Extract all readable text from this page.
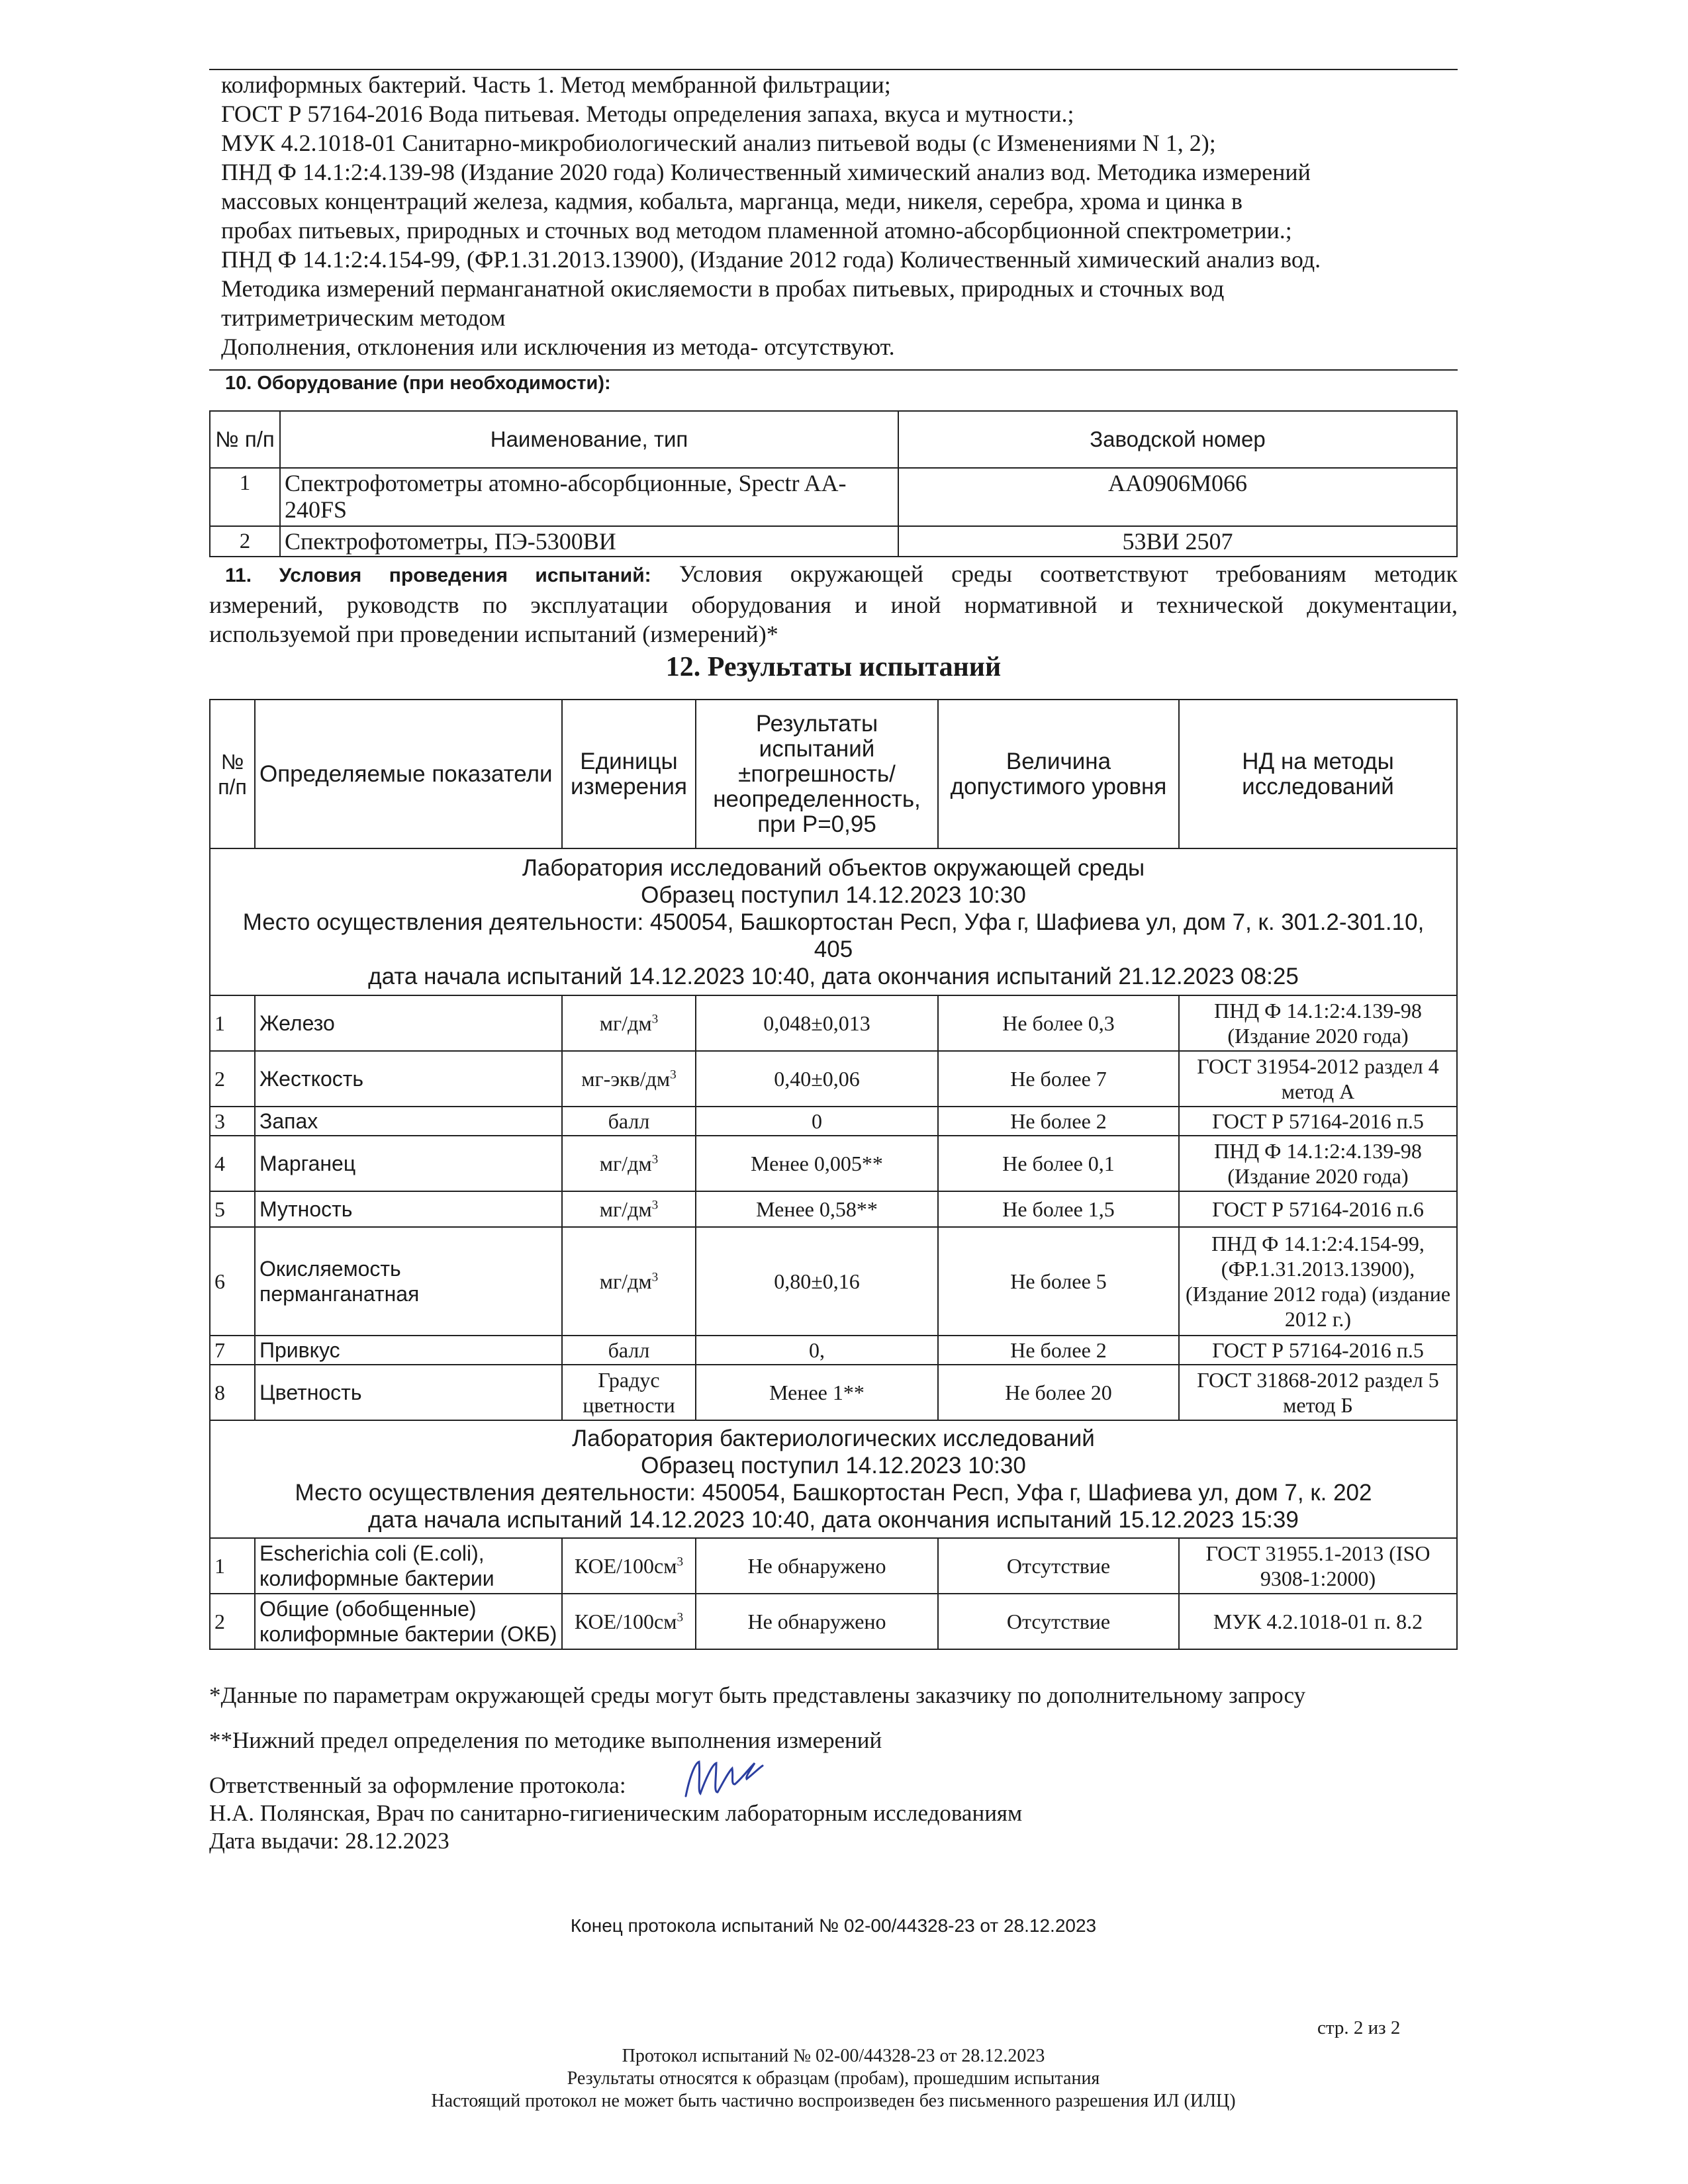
колиформных бактерий. Часть 1. Метод мембранной фильтрации;
ГОСТ Р 57164-2016 Вода питьевая. Методы определения запаха, вкуса и мутности.;
МУК 4.2.1018-01 Санитарно-микробиологический анализ питьевой воды (с Изменениями N 1, 2);
ПНД Ф 14.1:2:4.139-98 (Издание 2020 года) Количественный химический анализ вод. Методика измерений
массовых концентраций железа, кадмия, кобальта, марганца, меди, никеля, серебра, хрома и цинка в
пробах питьевых, природных и сточных вод методом пламенной атомно-абсорбционной спектрометрии.;
ПНД Ф 14.1:2:4.154-99, (ФР.1.31.2013.13900), (Издание 2012 года) Количественный химический анализ вод.
Методика измерений перманганатной окисляемости в пробах питьевых, природных и сточных вод
титриметрическим методом
Дополнения, отклонения или исключения из метода- отсутствуют.
10. Оборудование (при необходимости):
№ п/п	Наименование, тип	Заводской номер
1	Спектрофотометры атомно-абсорбционные, Spectr AA-240FS	АА0906М066
2	Спектрофотометры, ПЭ-5300ВИ	53ВИ 2507
11. Условия проведения испытаний: Условия окружающей среды соответствуют требованиям методик
измерений, руководств по эксплуатации оборудования и иной нормативной и технической документации,
используемой при проведении испытаний (измерений)*
12. Результаты испытаний
№ п/п	Определяемые показатели	Единицы измерения	Результаты испытаний ±погрешность/ неопределенность, при P=0,95	Величина допустимого уровня	НД на методы исследований

Лаборатория исследований объектов окружающей среды
Образец поступил 14.12.2023 10:30
Место осуществления деятельности: 450054, Башкортостан Респ, Уфа г, Шафиева ул, дом 7, к. 301.2-301.10,
405
дата начала испытаний 14.12.2023 10:40, дата окончания испытаний 21.12.2023 08:25					

1	Железо	$мг/дм^3$	0,048±0,013	Не более 0,3	ПНД Ф 14.1:2:4.139-98 (Издание 2020 года)
2	Жесткость	$мг-экв/дм^3$	0,40±0,06	Не более 7	ГОСТ 31954-2012 раздел 4 метод А
3	Запах	балл	0	Не более 2	ГОСТ Р 57164-2016 п.5
4	Марганец	$мг/дм^3$	Менее 0,005**	Не более 0,1	ПНД Ф 14.1:2:4.139-98 (Издание 2020 года)
5	Мутность	$мг/дм^3$	Менее 0,58**	Не более 1,5	ГОСТ Р 57164-2016 п.6
6	Окисляемость перманганатная	$мг/дм^3$	0,80±0,16	Не более 5	ПНД Ф 14.1:2:4.154-99, (ФР.1.31.2013.13900), (Издание 2012 года) (издание 2012 г.)
7	Привкус	балл	0,	Не более 2	ГОСТ Р 57164-2016 п.5
8	Цветность	Градус цветности	Менее 1**	Не более 20	ГОСТ 31868-2012 раздел 5 метод Б

Лаборатория бактериологических исследований
Образец поступил 14.12.2023 10:30
Место осуществления деятельности: 450054, Башкортостан Респ, Уфа г, Шафиева ул, дом 7, к. 202
дата начала испытаний 14.12.2023 10:40, дата окончания испытаний 15.12.2023 15:39					

1	Escherichia coli (E.coli), колиформные бактерии	КОЕ/$100см^3$	Не обнаружено	Отсутствие	ГОСТ 31955.1-2013 (ISO 9308-1:2000)
2	Общие (обобщенные) колиформные бактерии (ОКБ)	КОЕ/$100см^3$	Не обнаружено	Отсутствие	МУК 4.2.1018-01 п. 8.2
*Данные по параметрам окружающей среды могут быть представлены заказчику по дополнительному запросу
**Нижний предел определения по методике выполнения измерений
Ответственный за оформление протокола:
Н.А. Полянская, Врач по санитарно-гигиеническим лабораторным исследованиям
Дата выдачи: 28.12.2023
Конец протокола испытаний № 02-00/44328-23 от 28.12.2023
стр. 2 из 2
Протокол испытаний № 02-00/44328-23 от 28.12.2023
Результаты относятся к образцам (пробам), прошедшим испытания
Настоящий протокол не может быть частично воспроизведен без письменного разрешения ИЛ (ИЛЦ)
